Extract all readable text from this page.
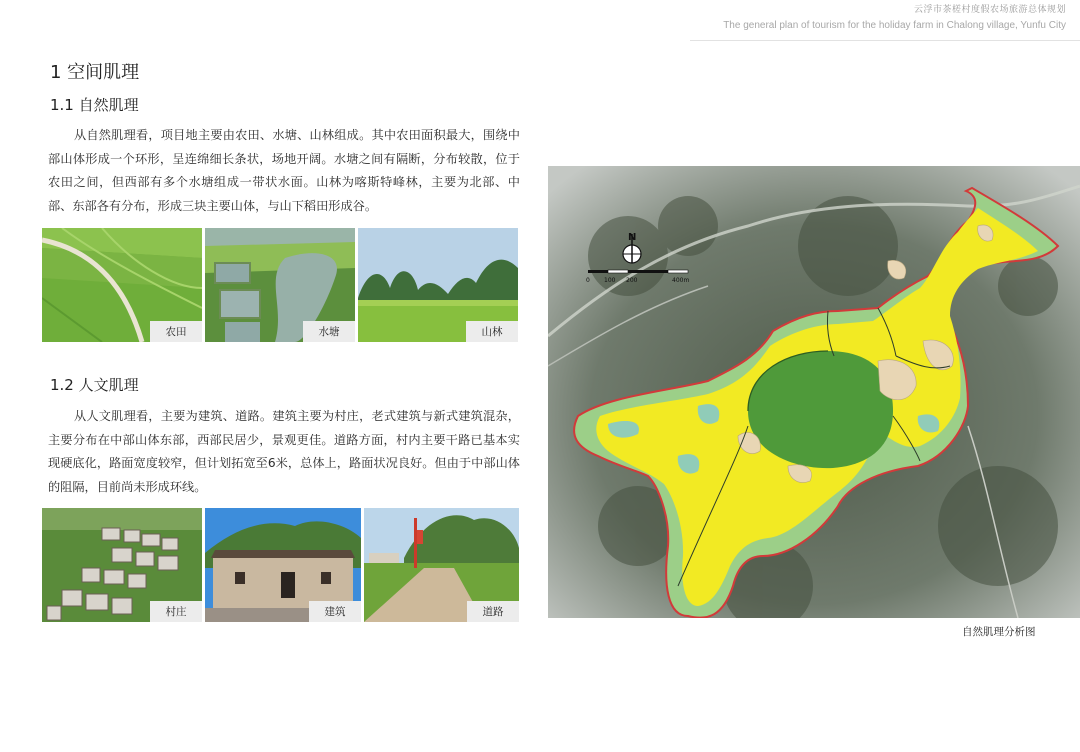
云浮市茶槎村度假农场旅游总体规划
The general plan of tourism for the holiday farm in Chalong village, Yunfu City
1 空间肌理
1.1 自然肌理

从自然肌理看，项目地主要由农田、水塘、山林组成。其中农田面积最大，围绕中部山体形成一个环形，呈连绵细长条状，场地开阔。水塘之间有隔断，分布较散，位于农田之间，但西部有多个水塘组成一带状水面。山林为喀斯特峰林，主要为北部、中部、东部各有分布，形成三块主要山体，与山下稻田形成谷。

农田	水塘	山林
1.2 人文肌理

从人文肌理看，主要为建筑、道路。建筑主要为村庄，老式建筑与新式建筑混杂，主要分布在中部山体东部，西部民居少，景观更佳。道路方面，村内主要干路已基本实现硬底化，路面宽度较窄，但计划拓宽至6米，总体上，路面状况良好。但由于中部山体的阻隔，目前尚未形成环线。

村庄	建筑	道路
N
0 100 200	400m
自然肌理分析图
